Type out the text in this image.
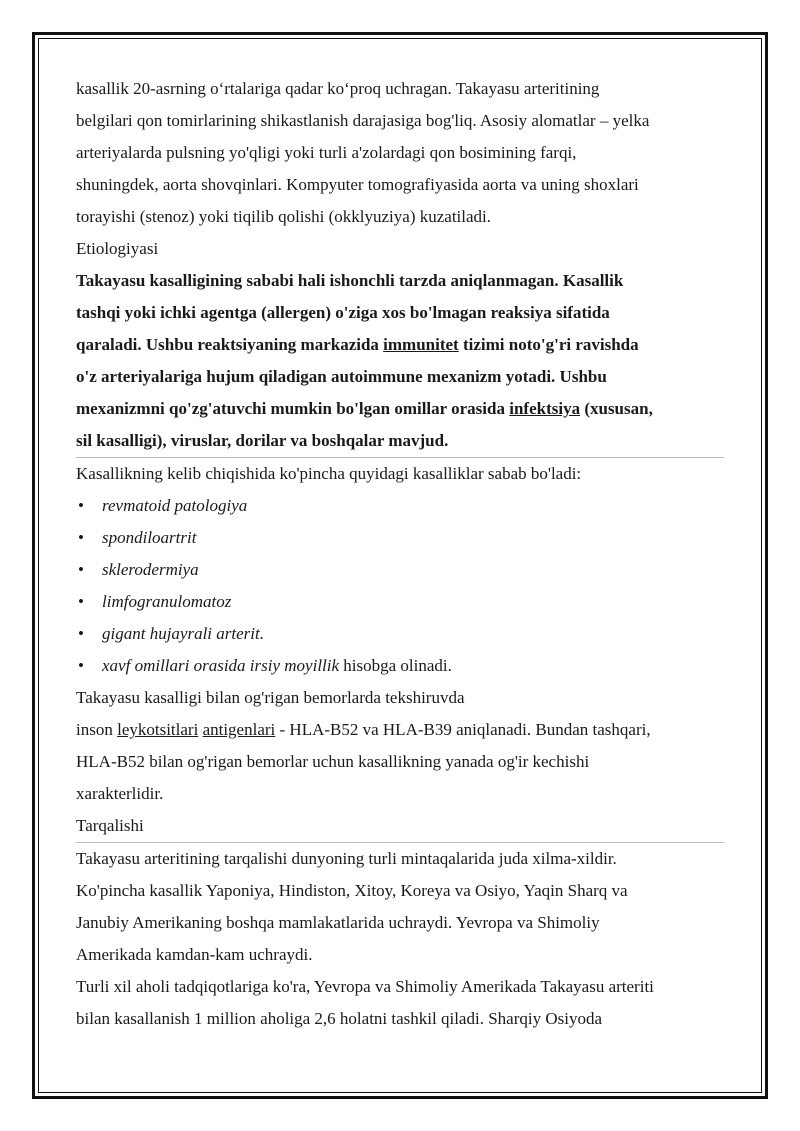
kasallik 20-asrning o‘rtalariga qadar ko‘proq uchragan. Takayasu arteritining

belgilari qon tomirlarining shikastlanish darajasiga bog'liq. Asosiy alomatlar – yelka

arteriyalarda pulsning yo'qligi yoki turli a'zolardagi qon bosimining farqi,

shuningdek, aorta shovqinlari. Kompyuter tomografiyasida aorta va uning shoxlari

torayishi (stenoz) yoki tiqilib qolishi (okklyuziya) kuzatiladi.

Etiologiyasi

Takayasu kasalligining sababi hali ishonchli tarzda aniqlanmagan. Kasallik

tashqi yoki ichki agentga (allergen) o'ziga xos bo'lmagan reaksiya sifatida

qaraladi. Ushbu reaktsiyaning markazida immunitet tizimi noto'g'ri ravishda

o'z arteriyalariga hujum qiladigan autoimmune mexanizm yotadi. Ushbu

mexanizmni qo'zg'atuvchi mumkin bo'lgan omillar orasida infektsiya (xususan,

sil kasalligi), viruslar, dorilar va boshqalar mavjud.

Kasallikning kelib chiqishida ko'pincha quyidagi kasalliklar sabab bo'ladi:

• revmatoid patologiya
• spondiloartrit
• sklerodermiya
• limfogranulomatoz
• gigant hujayrali arterit.
• xavf omillari orasida irsiy moyillik hisobga olinadi.

Takayasu kasalligi bilan og'rigan bemorlarda tekshiruvda

inson leykotsitlari antigenlari - HLA-B52 va HLA-B39 aniqlanadi. Bundan tashqari,

HLA-B52 bilan og'rigan bemorlar uchun kasallikning yanada og'ir kechishi

xarakterlidir.

Tarqalishi

Takayasu arteritining tarqalishi dunyoning turli mintaqalarida juda xilma-xildir.

Ko'pincha kasallik Yaponiya, Hindiston, Xitoy, Koreya va Osiyo, Yaqin Sharq va

Janubiy Amerikaning boshqa mamlakatlarida uchraydi. Yevropa va Shimoliy

Amerikada kamdan-kam uchraydi.

Turli xil aholi tadqiqotlariga ko'ra, Yevropa va Shimoliy Amerikada Takayasu arteriti

bilan kasallanish 1 million aholiga 2,6 holatni tashkil qiladi. Sharqiy Osiyoda
